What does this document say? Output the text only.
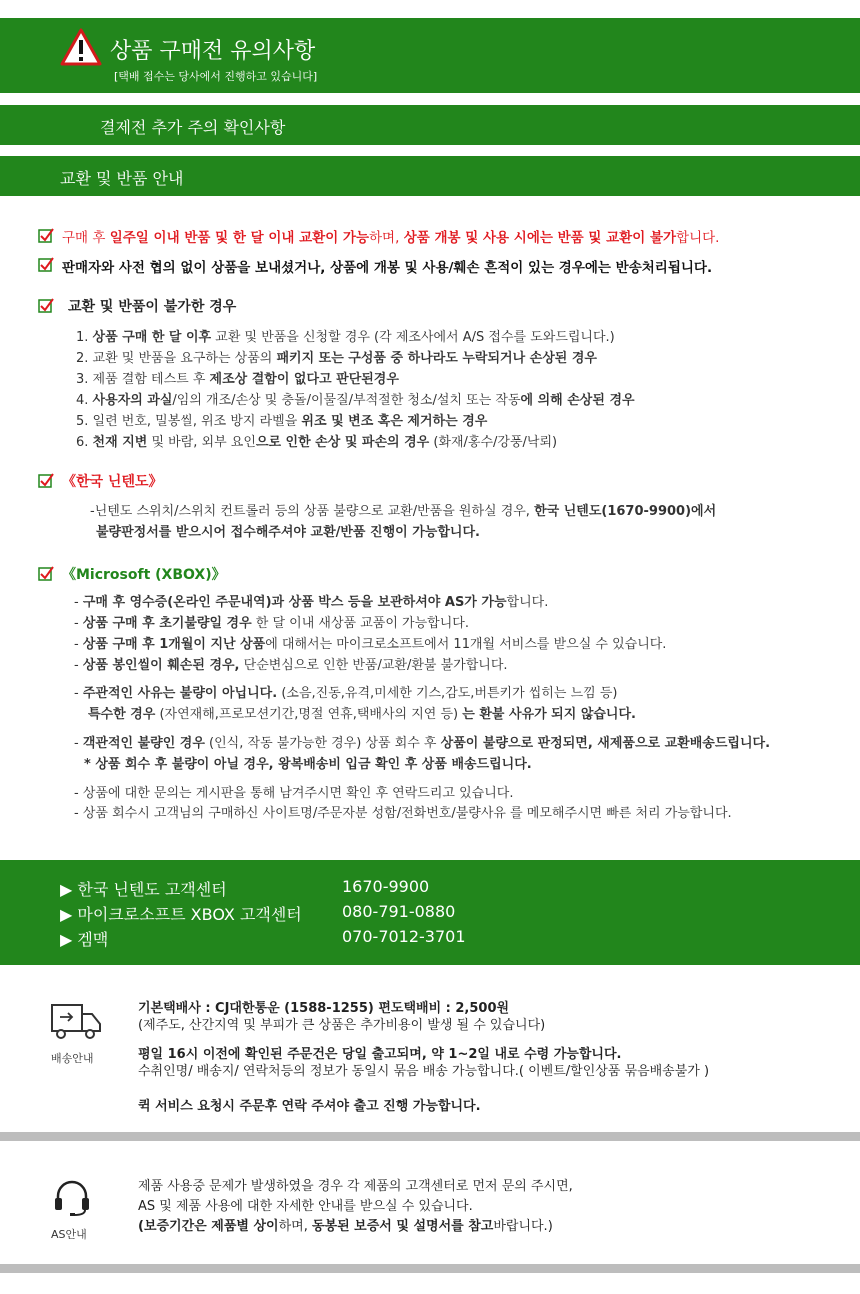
상품 구매전 유의사항
[택배 접수는 당사에서 진행하고 있습니다]
결제전 추가 주의 확인사항
교환 및 반품 안내
구매 후 일주일 이내 반품 및 한 달 이내 교환이 가능하며, 상품 개봉 및 사용 시에는 반품 및 교환이 불가합니다.
판매자와 사전 협의 없이 상품을 보내셨거나, 상품에 개봉 및 사용/훼손 흔적이 있는 경우에는 반송처리됩니다.
교환 및 반품이 불가한 경우
1. 상품 구매 한 달 이후 교환 및 반품을 신청할 경우 (각 제조사에서 A/S 접수를 도와드립니다.)
2. 교환 및 반품을 요구하는 상품의 패키지 또는 구성품 중 하나라도 누락되거나 손상된 경우
3. 제품 결함 테스트 후 제조상 결함이 없다고 판단된경우
4. 사용자의 과실/임의 개조/손상 및 충돌/이물질/부적절한 청소/설치 또는 작동에 의해 손상된 경우
5. 일련 번호, 밀봉씰, 위조 방지 라벨을 위조 및 변조 혹은 제거하는 경우
6. 천재 지변 및 바람, 외부 요인으로 인한 손상 및 파손의 경우 (화재/홍수/강풍/낙뢰)
《한국 닌텐도》
-닌텐도 스위치/스위치 컨트롤러 등의 상품 불량으로 교환/반품을 원하실 경우, 한국 닌텐도(1670-9900)에서
불량판정서를 받으시어 접수해주셔야 교환/반품 진행이 가능합니다.
《Microsoft (XBOX)》
- 구매 후 영수증(온라인 주문내역)과 상품 박스 등을 보관하셔야 AS가 가능합니다.
- 상품 구매 후 초기불량일 경우 한 달 이내 새상품 교품이 가능합니다.
- 상품 구매 후 1개월이 지난 상품에 대해서는 마이크로소프트에서 11개월 서비스를 받으실 수 있습니다.
- 상품 봉인씰이 훼손된 경우, 단순변심으로 인한 반품/교환/환불 불가합니다.
- 주관적인 사유는 불량이 아닙니다. (소음,진동,유격,미세한 기스,감도,버튼키가 씹히는 느낌 등)
특수한 경우 (자연재해,프로모션기간,명절 연휴,택배사의 지연 등) 는 환불 사유가 되지 않습니다.
- 객관적인 불량인 경우 (인식, 작동 불가능한 경우) 상품 회수 후 상품이 불량으로 판정되면, 새제품으로 교환배송드립니다.
* 상품 회수 후 불량이 아닐 경우, 왕복배송비 입금 확인 후 상품 배송드립니다.
- 상품에 대한 문의는 게시판을 통해 남겨주시면 확인 후 연락드리고 있습니다.
- 상품 회수시 고객님의 구매하신 사이트명/주문자분 성함/전화번호/불량사유 를 메모해주시면 빠른 처리 가능합니다.
▶ 한국 닌텐도 고객센터	1670-9900
▶ 마이크로소프트 XBOX 고객센터	080-791-0880
▶ 겜맥	070-7012-3701
배송안내
기본택배사 : CJ대한통운 (1588-1255) 편도택배비 : 2,500원
(제주도, 산간지역 및 부피가 큰 상품은 추가비용이 발생 될 수 있습니다)
평일 16시 이전에 확인된 주문건은 당일 출고되며, 약 1~2일 내로 수령 가능합니다.
수취인명/ 배송지/ 연락처등의 정보가 동일시 묶음 배송 가능합니다.( 이벤트/할인상품 묶음배송불가 )
퀵 서비스 요청시 주문후 연락 주셔야 출고 진행 가능합니다.
AS안내
제품 사용중 문제가 발생하였을 경우 각 제품의 고객센터로 먼저 문의 주시면,
AS 및 제품 사용에 대한 자세한 안내를 받으실 수 있습니다.
(보증기간은 제품별 상이하며, 동봉된 보증서 및 설명서를 참고바랍니다.)
